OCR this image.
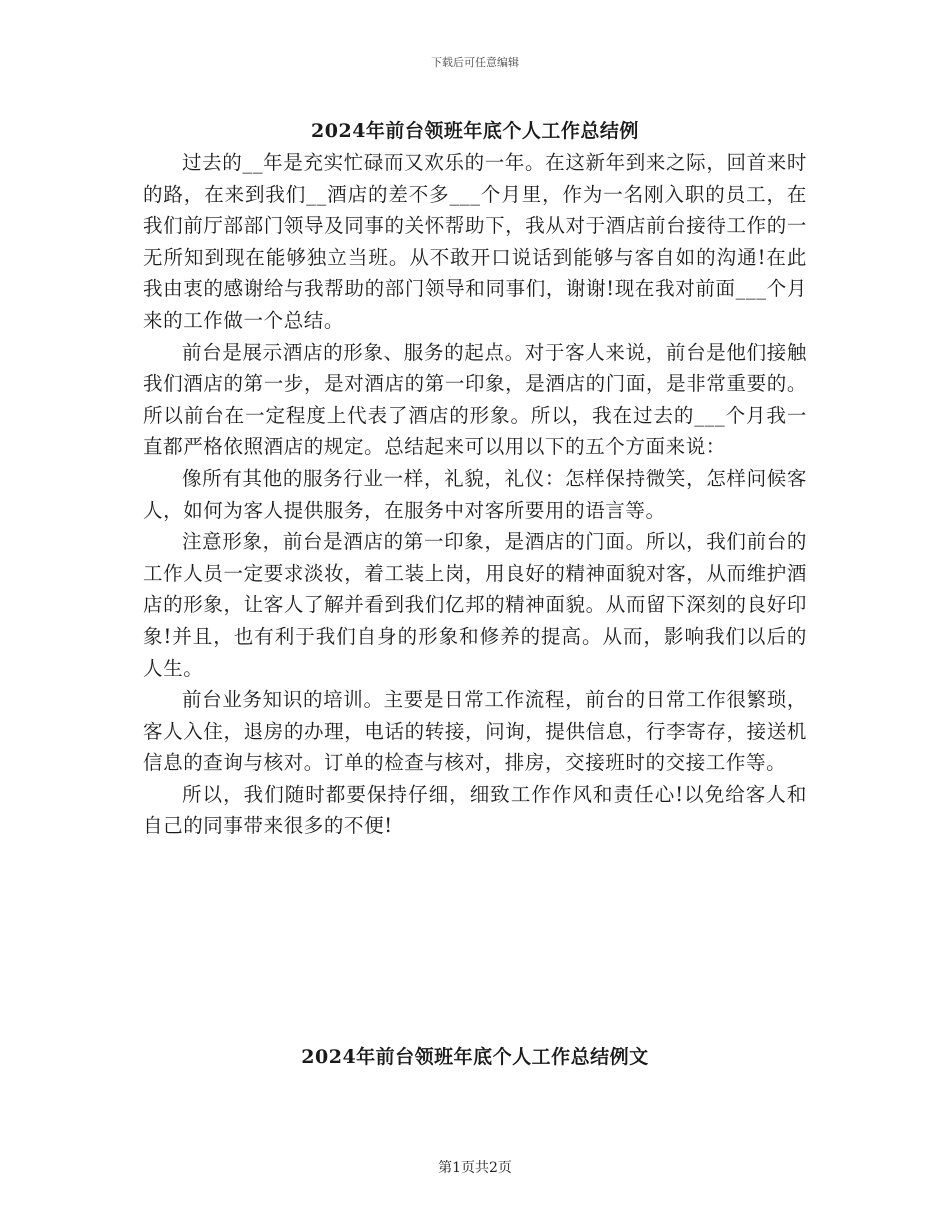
下载后可任意编辑
2024年前台领班年底个人工作总结例

过去的__年是充实忙碌而又欢乐的一年。在这新年到来之际，回首来时的路，在来到我们__酒店的差不多___个月里，作为一名刚入职的员工，在我们前厅部部门领导及同事的关怀帮助下，我从对于酒店前台接待工作的一无所知到现在能够独立当班。从不敢开口说话到能够与客自如的沟通!在此我由衷的感谢给与我帮助的部门领导和同事们，谢谢!现在我对前面___个月来的工作做一个总结。

前台是展示酒店的形象、服务的起点。对于客人来说，前台是他们接触我们酒店的第一步，是对酒店的第一印象，是酒店的门面，是非常重要的。所以前台在一定程度上代表了酒店的形象。所以，我在过去的___个月我一直都严格依照酒店的规定。总结起来可以用以下的五个方面来说：

像所有其他的服务行业一样，礼貌，礼仪：怎样保持微笑，怎样问候客人，如何为客人提供服务，在服务中对客所要用的语言等。

注意形象，前台是酒店的第一印象，是酒店的门面。所以，我们前台的工作人员一定要求淡妆，着工装上岗，用良好的精神面貌对客，从而维护酒店的形象，让客人了解并看到我们亿邦的精神面貌。从而留下深刻的良好印象!并且，也有利于我们自身的形象和修养的提高。从而，影响我们以后的人生。

前台业务知识的培训。主要是日常工作流程，前台的日常工作很繁琐，客人入住，退房的办理，电话的转接，问询，提供信息，行李寄存，接送机信息的查询与核对。订单的检查与核对，排房，交接班时的交接工作等。

所以，我们随时都要保持仔细，细致工作作风和责任心!以免给客人和自己的同事带来很多的不便!

2024年前台领班年底个人工作总结例文
第1页共2页
